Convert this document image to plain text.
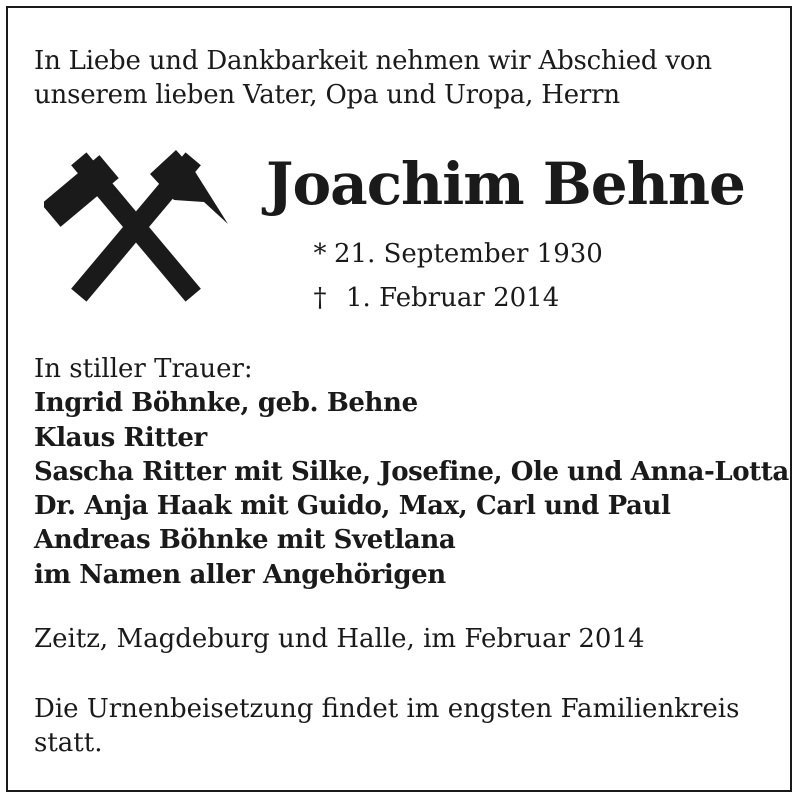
In Liebe und Dankbarkeit nehmen wir Abschied von
unserem lieben Vater, Opa und Uropa, Herrn
Joachim Behne
* 21. September 1930
† 1. Februar 2014
In stiller Trauer:
Ingrid Böhnke, geb. Behne
Klaus Ritter
Sascha Ritter mit Silke, Josefine, Ole und Anna-Lotta
Dr. Anja Haak mit Guido, Max, Carl und Paul
Andreas Böhnke mit Svetlana
im Namen aller Angehörigen
Zeitz, Magdeburg und Halle, im Februar 2014
Die Urnenbeisetzung findet im engsten Familienkreis
statt.
